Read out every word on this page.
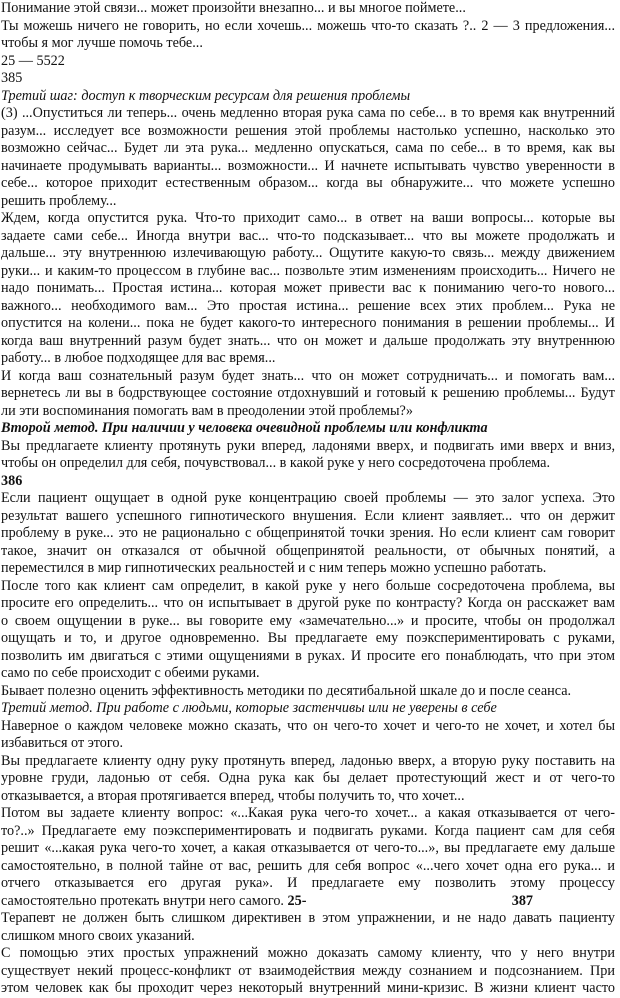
Понимание этой связи... может произойти внезапно... и вы многое поймете...
Ты можешь ничего не говорить, но если хочешь... можешь что-то сказать ?.. 2 — 3 предложения...
чтобы я мог лучше помочь тебе...
25 — 5522
385
Третий шаг: доступ к творческим ресурсам для решения проблемы
(3) ...Опуститься ли теперь... очень медленно вторая рука сама по себе... в то время как внутренний
разум... исследует все возможности решения этой проблемы настолько успешно, насколько это
возможно сейчас... Будет ли эта рука... медленно опускаться, сама по себе... в то время, как вы
начинаете продумывать варианты... возможности... И начнете испытывать чувство уверенности в
себе... которое приходит естественным образом... когда вы обнаружите... что можете успешно
решить проблему...
Ждем, когда опустится рука. Что-то приходит само... в ответ на ваши вопросы... которые вы
задаете сами себе... Иногда внутри вас... что-то подсказывает... что вы можете продолжать и
дальше... эту внутреннюю излечивающую работу... Ощутите какую-то связь... между движением
руки... и каким-то процессом в глубине вас... позвольте этим изменениям происходить... Ничего не
надо понимать... Простая истина... которая может привести вас к пониманию чего-то нового...
важного... необходимого вам... Это простая истина... решение всех этих проблем... Рука не
опустится на колени... пока не будет какого-то интересного понимания в решении проблемы... И
когда ваш внутренний разум будет знать... что он может и дальше продолжать эту внутреннюю
работу... в любое подходящее для вас время...
И когда ваш сознательный разум будет знать... что он может сотрудничать... и помогать вам...
вернетесь ли вы в бодрствующее состояние отдохнувший и готовый к решению проблемы... Будут
ли эти воспоминания помогать вам в преодолении этой проблемы?»
Второй метод. При наличии у человека очевидной проблемы или конфликта
Вы предлагаете клиенту протянуть руки вперед, ладонями вверх, и подвигать ими вверх и вниз,
чтобы он определил для себя, почувствовал... в какой руке у него сосредоточена проблема.
386
Если пациент ощущает в одной руке концентрацию своей проблемы — это залог успеха. Это
результат вашего успешного гипнотического внушения. Если клиент заявляет... что он держит
проблему в руке... это не рационально с общепринятой точки зрения. Но если клиент сам говорит
такое, значит он отказался от обычной общепринятой реальности, от обычных понятий, а
переместился в мир гипнотических реальностей и с ним теперь можно успешно работать.
После того как клиент сам определит, в какой руке у него больше сосредоточена проблема, вы
просите его определить... что он испытывает в другой руке по контрасту? Когда он расскажет вам
о своем ощущении в руке... вы говорите ему «замечательно...» и просите, чтобы он продолжал
ощущать и то, и другое одновременно. Вы предлагаете ему поэкспериментировать с руками,
позволить им двигаться с этими ощущениями в руках. И просите его понаблюдать, что при этом
само по себе происходит с обеими руками.
Бывает полезно оценить эффективность методики по десятибальной шкале до и после сеанса.
Третий метод. При работе с людьми, которые застенчивы или не уверены в себе
Наверное о каждом человеке можно сказать, что он чего-то хочет и чего-то не хочет, и хотел бы
избавиться от этого.
Вы предлагаете клиенту одну руку протянуть вперед, ладонью вверх, а вторую руку поставить на
уровне груди, ладонью от себя. Одна рука как бы делает протестующий жест и от чего-то
отказывается, а вторая протягивается вперед, чтобы получить то, что хочет...
Потом вы задаете клиенту вопрос: «...Какая рука чего-то хочет... а какая отказывается от чего-
то?..» Предлагаете ему поэкспериментировать и подвигать руками. Когда пациент сам для себя
решит «...какая рука чего-то хочет, а какая отказывается от чего-то...», вы предлагаете ему дальше
самостоятельно, в полной тайне от вас, решить для себя вопрос «...чего хочет одна его рука... и
отчего отказывается его другая рука». И предлагаете ему позволить этому процессу
самостоятельно протекать внутри него самого. 25-	387
Терапевт не должен быть слишком директивен в этом упражнении, и не надо давать пациенту
слишком много своих указаний.
С помощью этих простых упражнений можно доказать самому клиенту, что у него внутри
существует некий процесс-конфликт от взаимодействия между сознанием и подсознанием. При
этом человек как бы проходит через некоторый внутренний мини-кризис. В жизни клиент часто
